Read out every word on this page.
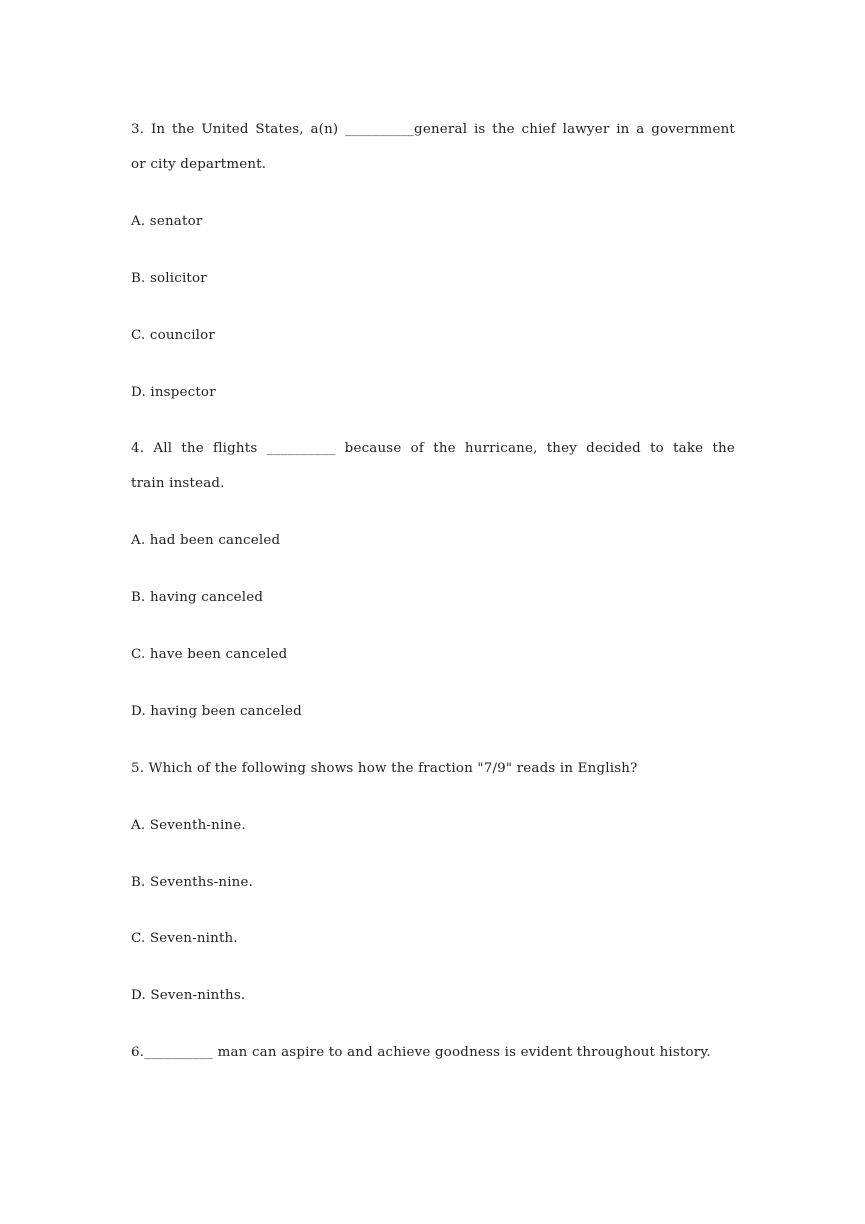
3. In the United States, a(n) __________general is the chief lawyer in a government
or city department.
A. senator
B. solicitor
C. councilor
D. inspector
4. All the flights __________ because of the hurricane, they decided to take the
train instead.
A. had been canceled
B. having canceled
C. have been canceled
D. having been canceled
5. Which of the following shows how the fraction "7/9" reads in English?
A. Seventh-nine.
B. Sevenths-nine.
C. Seven-ninth.
D. Seven-ninths.
6.__________ man can aspire to and achieve goodness is evident throughout history.
